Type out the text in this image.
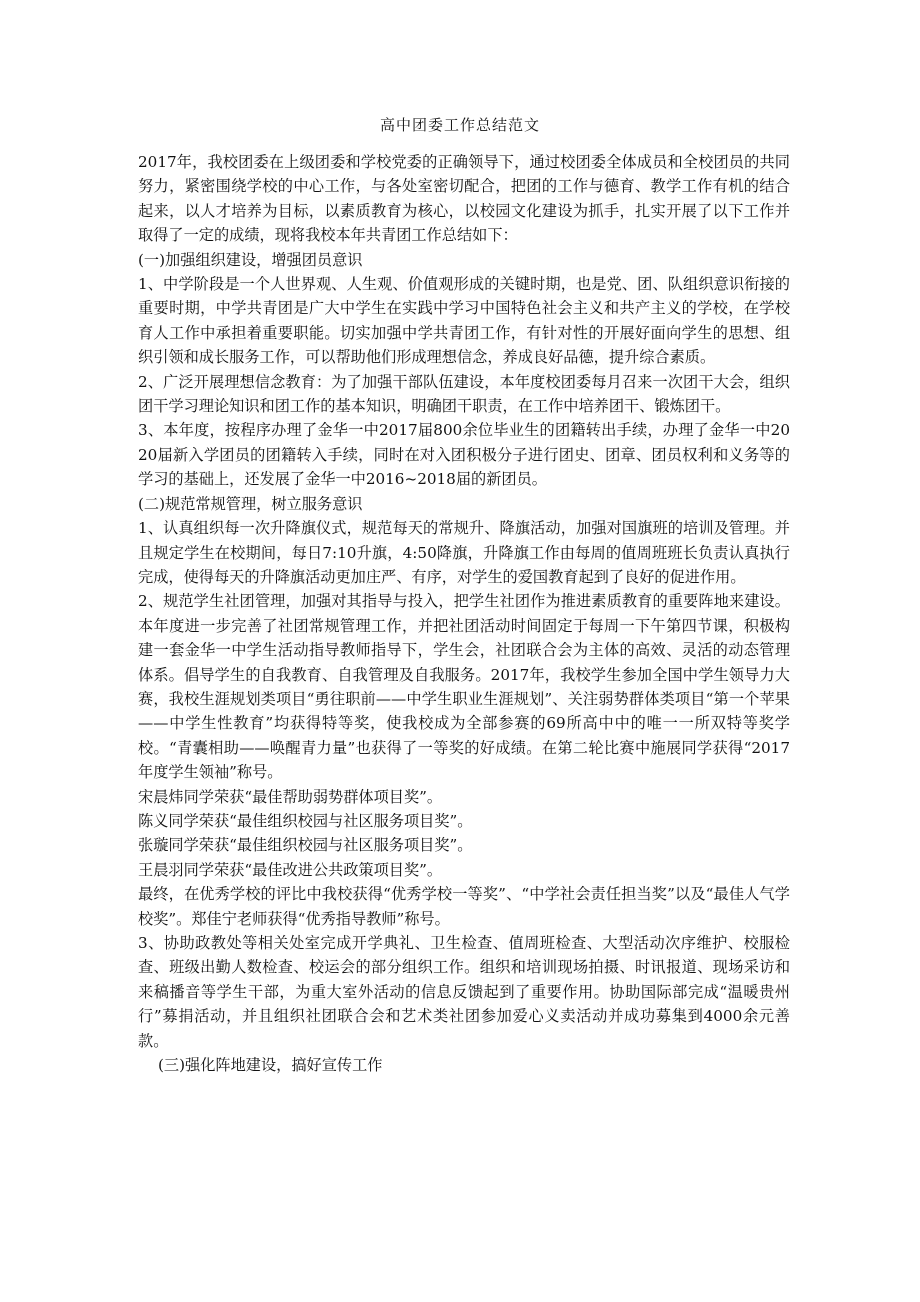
高中团委工作总结范文

2017年，我校团委在上级团委和学校党委的正确领导下，通过校团委全体成员和全校团员的共同努力，紧密围绕学校的中心工作，与各处室密切配合，把团的工作与德育、教学工作有机的结合起来，以人才培养为目标，以素质教育为核心，以校园文化建设为抓手，扎实开展了以下工作并取得了一定的成绩，现将我校本年共青团工作总结如下：

(一)加强组织建设，增强团员意识

1、中学阶段是一个人世界观、人生观、价值观形成的关键时期，也是党、团、队组织意识衔接的重要时期，中学共青团是广大中学生在实践中学习中国特色社会主义和共产主义的学校，在学校育人工作中承担着重要职能。切实加强中学共青团工作，有针对性的开展好面向学生的思想、组织引领和成长服务工作，可以帮助他们形成理想信念，养成良好品德，提升综合素质。

2、广泛开展理想信念教育：为了加强干部队伍建设，本年度校团委每月召来一次团干大会，组织团干学习理论知识和团工作的基本知识，明确团干职责，在工作中培养团干、锻炼团干。

3、本年度，按程序办理了金华一中2017届800余位毕业生的团籍转出手续，办理了金华一中2020届新入学团员的团籍转入手续，同时在对入团积极分子进行团史、团章、团员权利和义务等的学习的基础上，还发展了金华一中2016~2018届的新团员。

(二)规范常规管理，树立服务意识

1、认真组织每一次升降旗仪式，规范每天的常规升、降旗活动，加强对国旗班的培训及管理。并且规定学生在校期间，每日7:10升旗，4:50降旗，升降旗工作由每周的值周班班长负责认真执行完成，使得每天的升降旗活动更加庄严、有序，对学生的爱国教育起到了良好的促进作用。

2、规范学生社团管理，加强对其指导与投入，把学生社团作为推进素质教育的重要阵地来建设。本年度进一步完善了社团常规管理工作，并把社团活动时间固定于每周一下午第四节课，积极构建一套金华一中学生活动指导教师指导下，学生会，社团联合会为主体的高效、灵活的动态管理体系。倡导学生的自我教育、自我管理及自我服务。2017年，我校学生参加全国中学生领导力大赛，我校生涯规划类项目“勇往职前——中学生职业生涯规划”、关注弱势群体类项目“第一个苹果——中学生性教育”均获得特等奖，使我校成为全部参赛的69所高中中的唯一一所双特等奖学校。“青囊相助——唤醒青力量”也获得了一等奖的好成绩。在第二轮比赛中施展同学获得“2017年度学生领袖”称号。

宋晨炜同学荣获“最佳帮助弱势群体项目奖”。

陈义同学荣获“最佳组织校园与社区服务项目奖”。

张璇同学荣获“最佳组织校园与社区服务项目奖”。

王晨羽同学荣获“最佳改进公共政策项目奖”。

最终，在优秀学校的评比中我校获得“优秀学校一等奖”、“中学社会责任担当奖”以及“最佳人气学校奖”。郑佳宁老师获得“优秀指导教师”称号。

3、协助政教处等相关处室完成开学典礼、卫生检查、值周班检查、大型活动次序维护、校服检查、班级出勤人数检查、校运会的部分组织工作。组织和培训现场拍摄、时讯报道、现场采访和来稿播音等学生干部，为重大室外活动的信息反馈起到了重要作用。协助国际部完成“温暖贵州行”募捐活动，并且组织社团联合会和艺术类社团参加爱心义卖活动并成功募集到4000余元善款。

(三)强化阵地建设，搞好宣传工作
